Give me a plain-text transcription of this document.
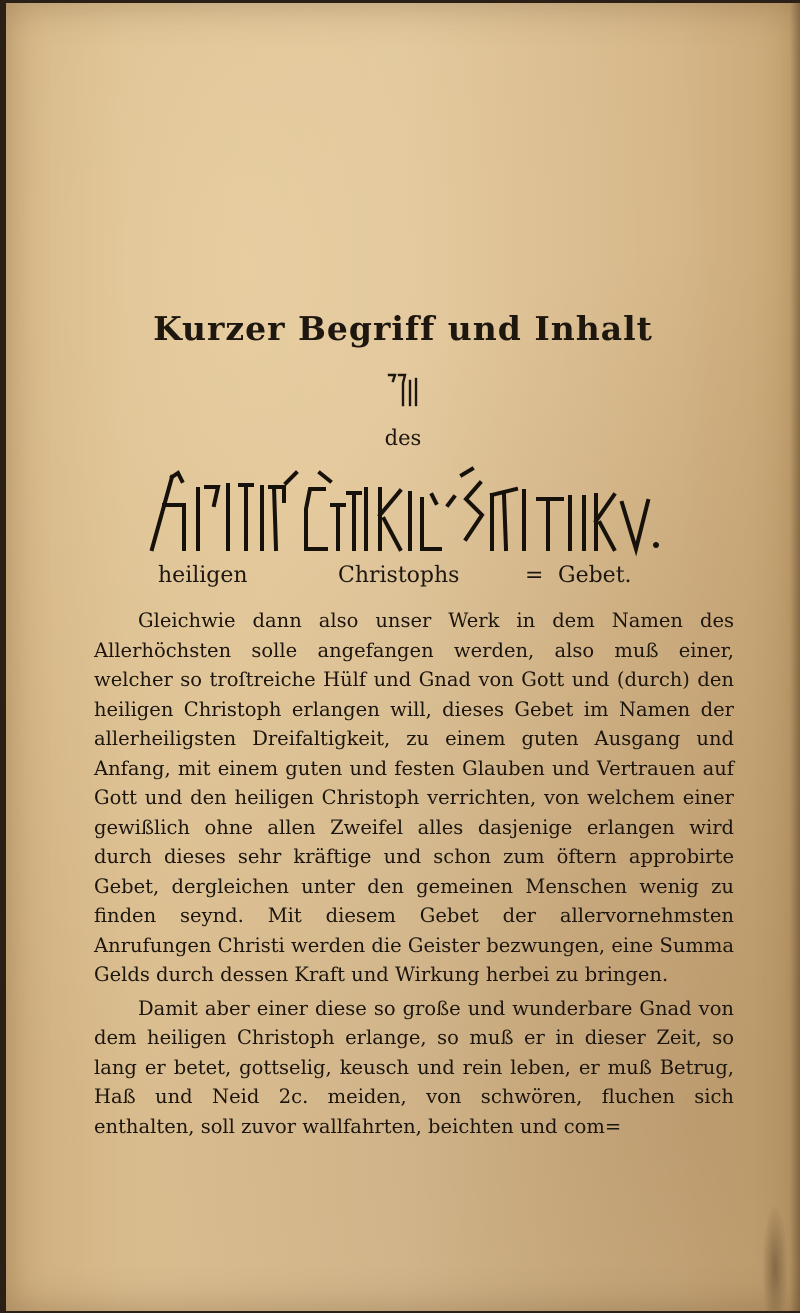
Kurzer Begriff und Inhalt
des
heiligen	Christophs	= Gebet.

Gleichwie dann also unser Werk in dem Namen des Allerhöchsten solle angefangen werden, also muß einer, welcher so troſtreiche Hülf und Gnad von Gott und (durch) den heiligen Christoph erlangen will, dieses Gebet im Namen der allerheiligsten Dreifaltigkeit, zu einem guten Ausgang und Anfang, mit einem guten und festen Glauben und Vertrauen auf Gott und den heiligen Christoph verrichten, von welchem einer gewißlich ohne allen Zweifel alles dasjenige erlangen wird durch dieses sehr kräftige und schon zum öftern approbirte Gebet, dergleichen unter den gemeinen Menschen wenig zu finden seynd. Mit diesem Gebet der allervornehmsten Anrufungen Christi werden die Geister bezwungen, eine Summa Gelds durch dessen Kraft und Wirkung herbei zu bringen.

Damit aber einer diese so große und wunderbare Gnad von dem heiligen Christoph erlange, so muß er in dieser Zeit, so lang er betet, gottselig, keusch und rein leben, er muß Betrug, Haß und Neid 2c. meiden, von schwören, fluchen sich enthalten, soll zuvor wallfahrten, beichten und com=
